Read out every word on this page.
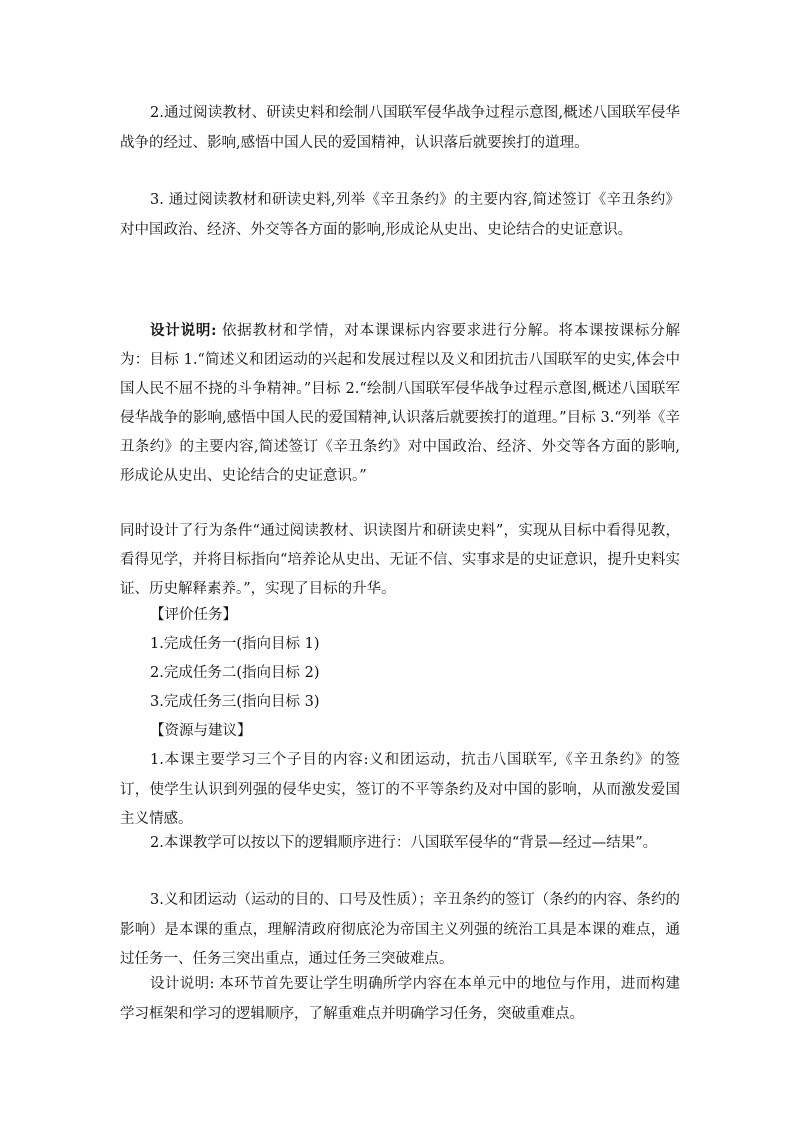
2.通过阅读教材、研读史料和绘制八国联军侵华战争过程示意图,概述八国联军侵华战争的经过、影响,感悟中国人民的爱国精神，认识落后就要挨打的道理。

3. 通过阅读教材和研读史料,列举《辛丑条约》的主要内容,简述签订《辛丑条约》对中国政治、经济、外交等各方面的影响,形成论从史出、史论结合的史证意识。

设计说明: 依据教材和学情，对本课课标内容要求进行分解。将本课按课标分解为：目标 1.“简述义和团运动的兴起和发展过程以及义和团抗击八国联军的史实,体会中国人民不屈不挠的斗争精神。”目标 2.“绘制八国联军侵华战争过程示意图,概述八国联军侵华战争的影响,感悟中国人民的爱国精神,认识落后就要挨打的道理。”目标 3.“列举《辛丑条约》的主要内容,简述签订《辛丑条约》对中国政治、经济、外交等各方面的影响,形成论从史出、史论结合的史证意识。”

同时设计了行为条件“通过阅读教材、识读图片和研读史料”，实现从目标中看得见教，看得见学，并将目标指向“培养论从史出、无证不信、实事求是的史证意识，提升史料实证、历史解释素养。”，实现了目标的升华。

【评价任务】

1.完成任务一(指向目标 1)

2.完成任务二(指向目标 2)

3.完成任务三(指向目标 3)

【资源与建议】

1.本课主要学习三个子目的内容:义和团运动，抗击八国联军,《辛丑条约》的签订，使学生认识到列强的侵华史实，签订的不平等条约及对中国的影响，从而激发爱国主义情感。

2.本课教学可以按以下的逻辑顺序进行：八国联军侵华的“背景—经过—结果”。

3.义和团运动（运动的目的、口号及性质）；辛丑条约的签订（条约的内容、条约的影响）是本课的重点，理解清政府彻底沦为帝国主义列强的统治工具是本课的难点，通过任务一、任务三突出重点，通过任务三突破难点。

设计说明: 本环节首先要让学生明确所学内容在本单元中的地位与作用，进而构建学习框架和学习的逻辑顺序，了解重难点并明确学习任务，突破重难点。
